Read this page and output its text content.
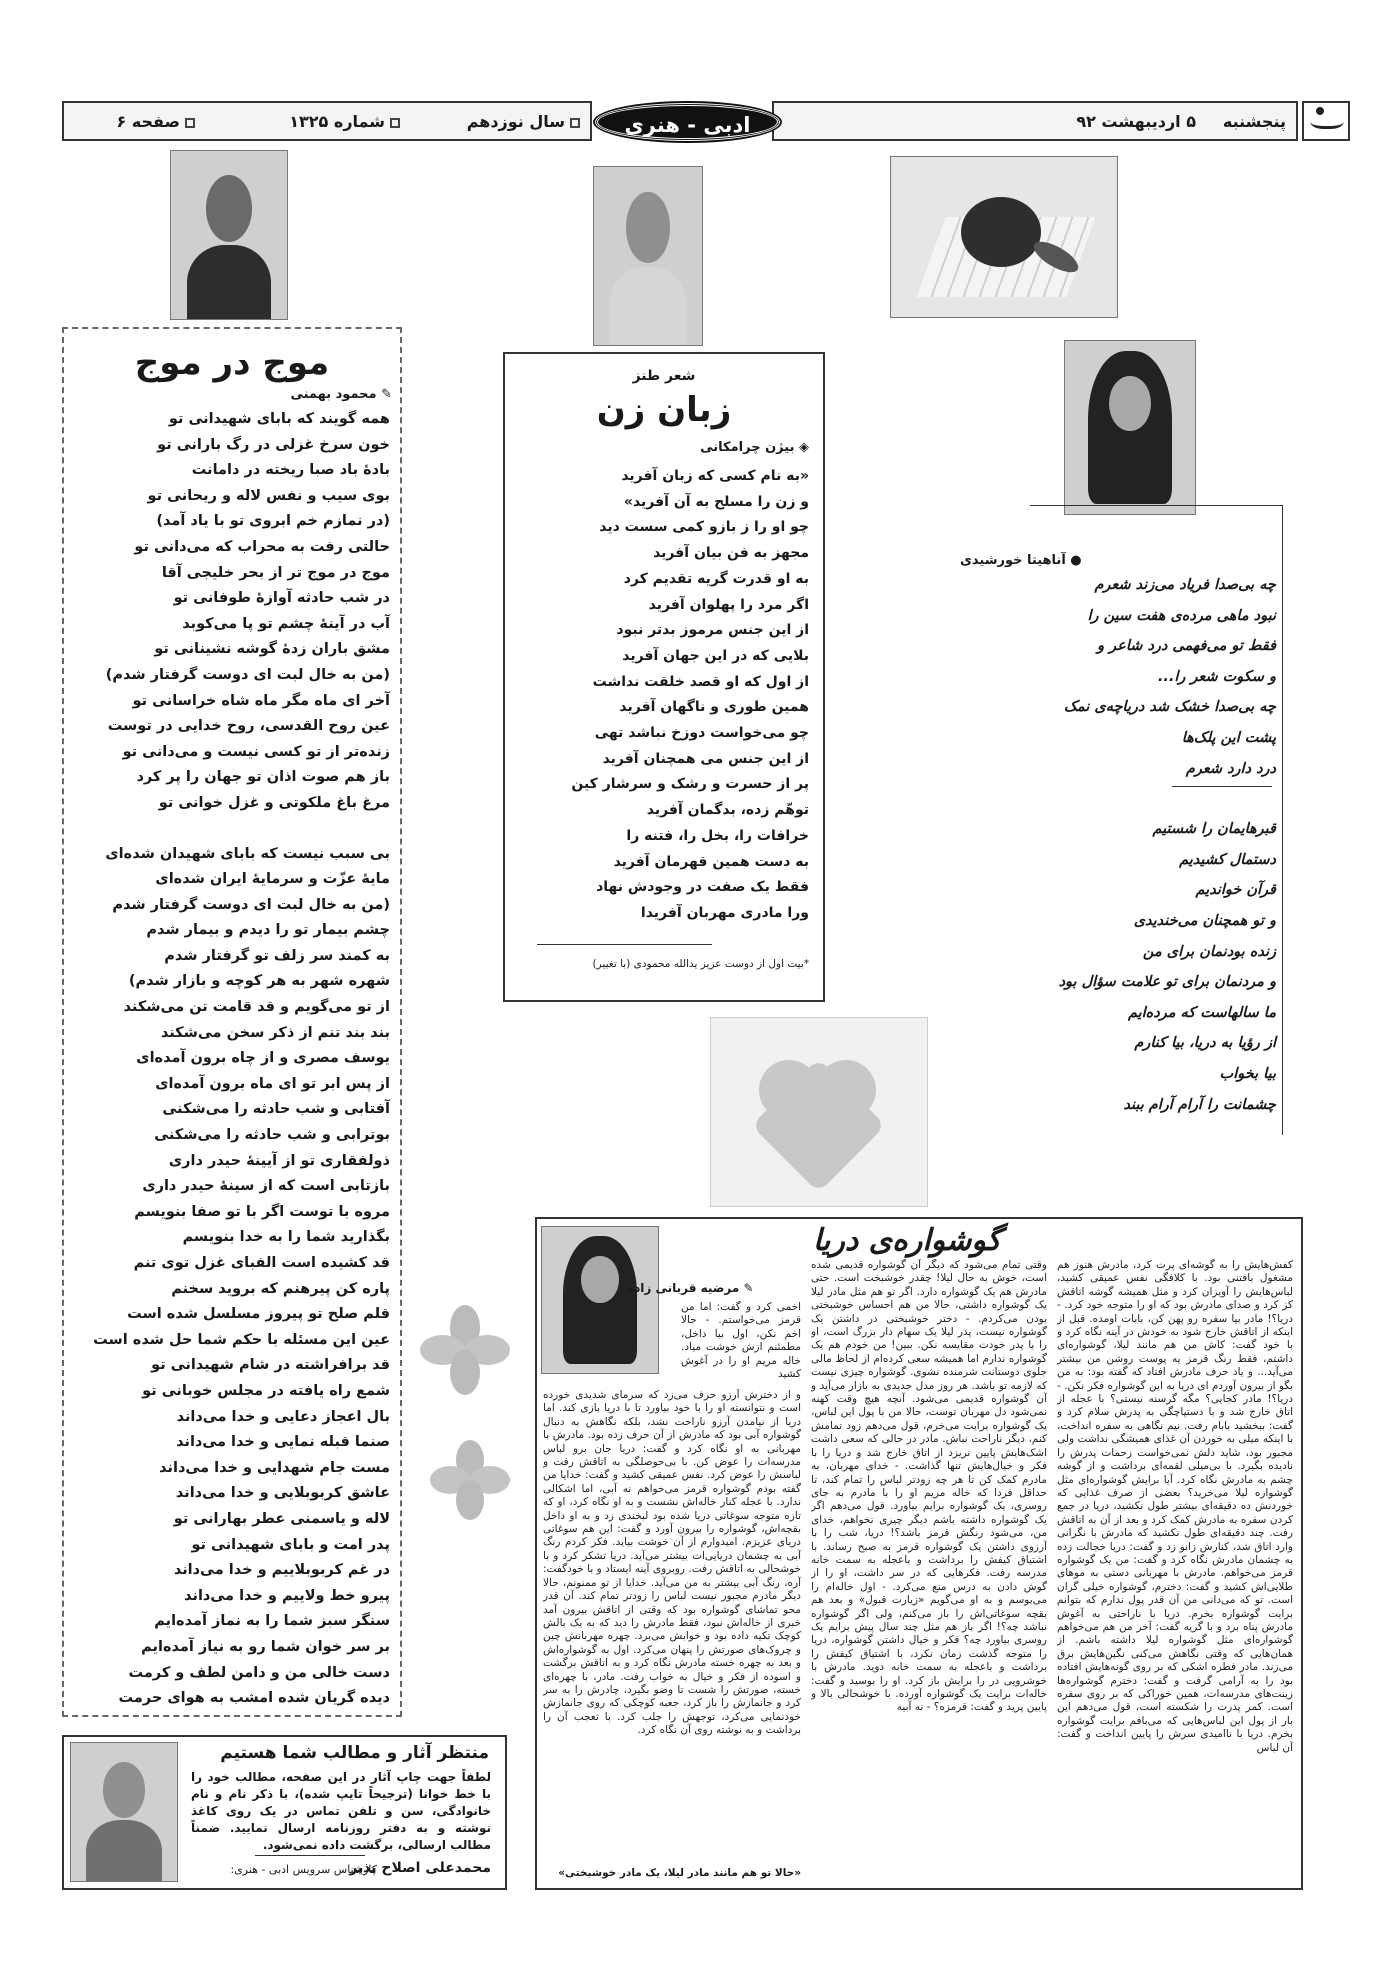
پنجشنبه
۵ اردیبهشت ۹۲
ادبی - هنری
سال نوزدهم
شماره ۱۳۲۵
صفحه ۶
موج در موج
✎ محمود بهمنی
همه گویند که بابای شهیدانی تو
خون سرخ غزلی در رگ بارانی تو
بادهٔ باد صبا ریخته در دامانت
بوی سیب و نفس لاله و ریحانی تو
(در نمازم خم ابروی تو با یاد آمد)
حالتی رفت به محراب که می‌دانی تو
موج در موج تر از بحر خلیجی آقا
در شب حادثه آوازهٔ طوفانی تو
آب در آینهٔ چشم تو پا می‌کوبد
مشق باران زدهٔ گوشه نشینانی تو
(من به خال لبت ای دوست گرفتار شدم)
آخر ای ماه مگر ماه شاه خراسانی تو
عین روح القدسی، روح خدایی در توست
زنده‌تر از تو کسی نیست و می‌دانی تو
باز هم صوت اذان تو جهان را پر کرد
مرغ باغ ملکوتی و غزل خوانی تو
بی سبب نیست که بابای شهیدان شده‌ای
مایهٔ عزّت و سرمایهٔ ایران شده‌ای
(من به خال لبت ای دوست گرفتار شدم
چشم بیمار تو را دیدم و بیمار شدم
به کمند سر زلف تو گرفتار شدم
شهره شهر به هر کوچه و بازار شدم)
از تو می‌گویم و قد قامت تن می‌شکند
بند بند تنم از ذکر سخن می‌شکند
یوسف مصری و از چاه برون آمده‌ای
از پس ابر تو ای ماه برون آمده‌ای
آفتابی و شب حادثه را می‌شکنی
بوترابی و شب حادثه را می‌شکنی
ذولفقاری تو از آیینهٔ حیدر داری
بازتابی است که از سینهٔ حیدر داری
مروه با توست اگر با تو صفا بنویسم
بگذارید شما را به خدا بنویسم
قد کشیده است الفبای غزل توی تنم
پاره کن پیرهنم که بروید سخنم
قلم صلح تو پیروز مسلسل شده است
عین این مسئله با حکم شما حل شده است
قد برافراشته در شام شهیدانی تو
شمع راه یافته در مجلس خوبانی تو
بال اعجاز دعایی و خدا می‌داند
صنما قبله نمایی و خدا می‌داند
مست جام شهدایی و خدا می‌داند
عاشق کربوبلایی و خدا می‌داند
لاله و یاسمنی عطر بهارانی تو
پدر امت و بابای شهیدانی تو
در غم کربوبلاییم و خدا می‌داند
پیرو خط ولاییم و خدا می‌داند
سنگر سبز شما را به نماز آمده‌ایم
بر سر خوان شما رو به نیاز آمده‌ایم
دست خالی من و دامن لطف و کرمت
دیده گریان شده امشب به هوای حرمت
شعر طنز
زبان زن
◈ بیژن چرامکانی
«به نام کسی که زبان آفرید
و زن را مسلح به آن آفرید»
چو او را ز بازو کمی سست دید
مجهز به فن بیان آفرید
به او قدرت گریه تقدیم کرد
اگر مرد را پهلوان آفرید
از این جنس مرموز بدتر نبود
بلایی که در این جهان آفرید
از اول که او قصد خلقت نداشت
همین طوری و ناگهان آفرید
چو می‌خواست دوزخ نباشد تهی
از این جنس می همچنان آفرید
پر از حسرت و رشک و سرشار کین
توهّم زده، بدگمان آفرید
خرافات را، بخل را، فتنه را
به دست همین قهرمان آفرید
فقط یک صفت در وجودش نهاد
ورا مادری مهربان آفریدا
*بیت اول از دوست عزیز یدالله محمودی (با تغییر)
● آناهیتا خورشیدی
چه بی‌صدا فریاد می‌زند شعرم
نبود ماهی مرده‌ی هفت سین را
فقط تو می‌فهمی درد شاعر و
و سکوت شعر را...
چه بی‌صدا خشک شد دریاچه‌ی نمک
پشت این پلک‌ها
درد دارد شعرم
قبرهایمان را شستیم
دستمال کشیدیم
قرآن خواندیم
و تو همچنان می‌خندیدی
زنده بودنمان برای من
و مردنمان برای تو علامت سؤال بود
ما سالهاست که مرده‌ایم
از رؤیا به دریا، بیا کنارم
بیا بخواب
چشمانت را آرام آرام ببند
گوشواره‌ی دریا
✎ مرضیه قربانی زاده
کفش‌هایش را به گوشه‌ای پرت کرد، مادرش هنوز هم مشغول بافتنی بود. با کلافگی نفس عمیقی کشید، لباس‌هایش را آویزان کرد و مثل همیشه گوشه اتاقش کز کرد و صدای مادرش بود که او را متوجه خود کرد. - دریا؟! مادر بیا سفره رو پهن کن، بابات اومده. قبل از اینکه از اتاقش خارج شود به خودش در آینه نگاه کرد و با خود گفت: کاش من هم مانند لیلا، گوشواره‌ای داشتم، فقط رنگ قرمز یه پوست روشن من بیشتر می‌آید... و یاد حرف مادرش افتاد که گفته بود: به من بگو از بیرون آوردم ای دریا به این گوشواره فکر نکن. - دریا؟! مادر کجایی؟ مگه گرسنه نیستی؟ با عجله از اتاق خارج شد و با دستپاچگی به پدرش سلام کرد و گفت: ببخشید بابام رفت. نیم نگاهی به سفره انداخت، با اینکه میلی به خوردن آن غذای همیشگی نداشت ولی مجبور بود، شاید دلش نمی‌خواست زحمات پدرش را نادیده بگیرد. با بی‌میلی لقمه‌ای برداشت و از گوشه چشم به مادرش نگاه کرد. آیا برایش گوشواره‌ای مثل گوشواره لیلا می‌خرید؟ بعضی از صرف غذایی که خوردنش ده دقیقه‌ای بیشتر طول نکشید، دریا در جمع کردن سفره به مادرش کمک کرد و بعد از آن به اتاقش رفت. چند دقیقه‌ای طول نکشید که مادرش با نگرانی وارد اتاق شد، کنارش زانو زد و گفت: دریا خجالت زده به چشمان مادرش نگاه کرد و گفت: من یک گوشواره قرمز می‌خواهم. مادرش با مهربانی دستی به موهای طلایی‌اش کشید و گفت: دخترم، گوشواره خیلی گران است. تو که می‌دانی من آن قدر پول ندارم که بتوانم برایت گوشواره بخرم. دریا با ناراحتی به آغوش مادرش پناه برد و با گریه گفت: آخر من هم می‌خواهم گوشواره‌ای مثل گوشواره لیلا داشته باشم. از همان‌هایی که وقتی نگاهش می‌کنی نگین‌هایش برق می‌زند. مادر فطره اشکی که بر روی گونه‌هایش افتاده بود را به آرامی گرفت و گفت: دخترم گوشواره‌ها زینت‌های مدرسه‌ات، همین خوراکی که بر روی سفره است. کمر پدرت را شکسته است، قول می‌دهم این بار از پول این لباس‌هایی که می‌بافم برایت گوشواره بخرم. دریا با ناامیدی سرش را پایین انداخت و گفت: آن لباس
وقتی تمام می‌شود که دیگر آن گوشواره قدیمی شده است، خوش به حال لیلا! چقدر خوشبخت است. حتی مادرش هم یک گوشواره دارد. اگر تو هم مثل مادر لیلا یک گوشواره داشتی، حالا من هم احساس خوشبختی بودن می‌کردم. - دختر خوشبختی در داشتن یک گوشواره نیست، پدر لیلا یک سهام دار بزرگ است، او را با پدر خودت مقایسه نکن. ببین! من خودم هم یک گوشواره ندارم اما همیشه سعی کرده‌ام از لحاظ مالی جلوی دوستانت شرمنده نشوی. گوشواره چیزی نیست که لازمه تو باشد. هر روز مدل جدیدی به بازار می‌آید و آن گوشواره قدیمی می‌شود. آنچه هیچ وقت کهنه نمی‌شود دل مهربان توست، حالا من با پول این لباس، یک گوشواره برایت می‌خرم، قول می‌دهم زود تمامش کنم، دیگر ناراحت نباش. مادر در حالی که سعی داشت اشک‌هایش پایین نریزد از اتاق خارج شد و دریا را با فکر و خیال‌هایش تنها گذاشت. - خدای مهربان، به مادرم کمک کن تا هر چه زودتر لباس را تمام کند، تا حداقل فردا که خاله مریم او را با مادرم به جای روسری، یک گوشواره برایم بیاورد. قول می‌دهم اگر یک گوشواره داشته باشم دیگر چیزی نخواهم، خدای من، می‌شود رنگش قرمز باشد؟! دریا، شب را با آرزوی داشتن یک گوشواره قرمز به صبح رساند. با اشتیاق کیفش را برداشت و باعجله به سمت خانه مدرسه رفت. فکرهایی که در سر داشت، او را از گوش دادن به درس منع می‌کرد. - اول خاله‌ام را می‌بوسم و به او می‌گویم «زیارت قبول» و بعد هم بقچه سوغاتی‌اش را باز می‌کنم، ولی اگر گوشواره نباشد چه؟! اگر باز هم مثل چند سال پیش برایم یک روسری بیاورد چه؟ فکر و خیال داشتن گوشواره، دریا را متوجه گذشت زمان نکرد، با اشتیاق کیفش را برداشت و باعجله به سمت خانه دوید. مادرش با خوشرویی در را برایش باز کرد. او را بوسید و گفت: خاله‌ات برایت یک گوشواره آورده. با خوشحالی بالا و پایین پرید و گفت: قرمزه؟ - نه آبیه
اخمی کرد و گفت: اما من قرمز می‌خواستم. - حالا اخم نکن، اول بیا داخل، مطمئنم ازش خوشت میاد. خاله مریم او را در آغوش کشید
و از دخترش آرزو حرف می‌زد که سرمای شدیدی خورده است و نتوانسته او را با خود بیاورد تا با دریا بازی کند. اما دریا از نیامدن آرزو ناراحت نشد، بلکه نگاهش به دنبال گوشواره آبی بود که مادرش از آن حرف زده بود. مادرش با مهربانی به او نگاه کرد و گفت: دریا جان برو لباس مدرسه‌ات را عوض کن. با بی‌حوصلگی به اتاقش رفت و لباسش را عوض کرد. نفس عمیقی کشید و گفت: خدایا من گفته بودم گوشواره قرمز می‌خواهم نه آبی، اما اشکالی ندارد. با عجله کنار خاله‌اش نشست و به او نگاه کرد، او که تازه متوجه سوغاتی دریا شده بود لبخندی زد و به او داخل بقچه‌اش، گوشواره را بیرون آورد و گفت: این هم سوغاتی دریای عزیزم. امیدوارم از آن خوشت بیاید. فکر کردم رنگ آبی به چشمان دریایی‌ات بیشتر می‌آید. دریا تشکر کرد و با خوشحالی به اتاقش رفت. روبروی آینه ایستاد و با خودگفت: آره، رنگ آبی بیشتر به من می‌آید. خدایا از تو ممنونم، حالا دیگر مادرم مجبور نیست لباس را زودتر تمام کند. آن قدر محو تماشای گوشواره بود که وقتی از اتاقش بیرون آمد خبری از خاله‌اش نبود، فقط مادرش را دید که به یک بالش کوچک تکیه داده بود و خوابش می‌برد. چهره مهربانش چین و چروک‌های صورتش را پنهان می‌کرد. اول به گوشواره‌اش و بعد به چهره خسته مادرش نگاه کرد و به اتاقش برگشت و اسوده از فکر و خیال به خواب رفت. مادر، با چهره‌ای خسته، صورتش را شست تا وضو بگیرد، چادرش را به سر کرد و جانمازش را باز کرد، جعبه کوچکی که روی جانمازش خودنمایی می‌کرد، توجهش را جلب کرد. با تعجب آن را برداشت و به نوشته روی آن نگاه کرد.
«حالا تو هم مانند مادر لیلا، یک مادر خوشبختی»
منتظر آثار و مطالب شما هستیم
لطفاً جهت چاپ آثار در این صفحه، مطالب خود را با خط خوانا (ترجیحاً تایپ شده)، با ذکر نام و نام خانوادگی، سن و تلفن تماس در یک روی کاغذ نوشته و به دفتر روزنامه ارسال نمایید. ضمناً مطالب ارسالی، برگشت داده نمی‌شود.
کارشناس سرویس ادبی - هنری:
محمدعلی اصلاح پذیر
